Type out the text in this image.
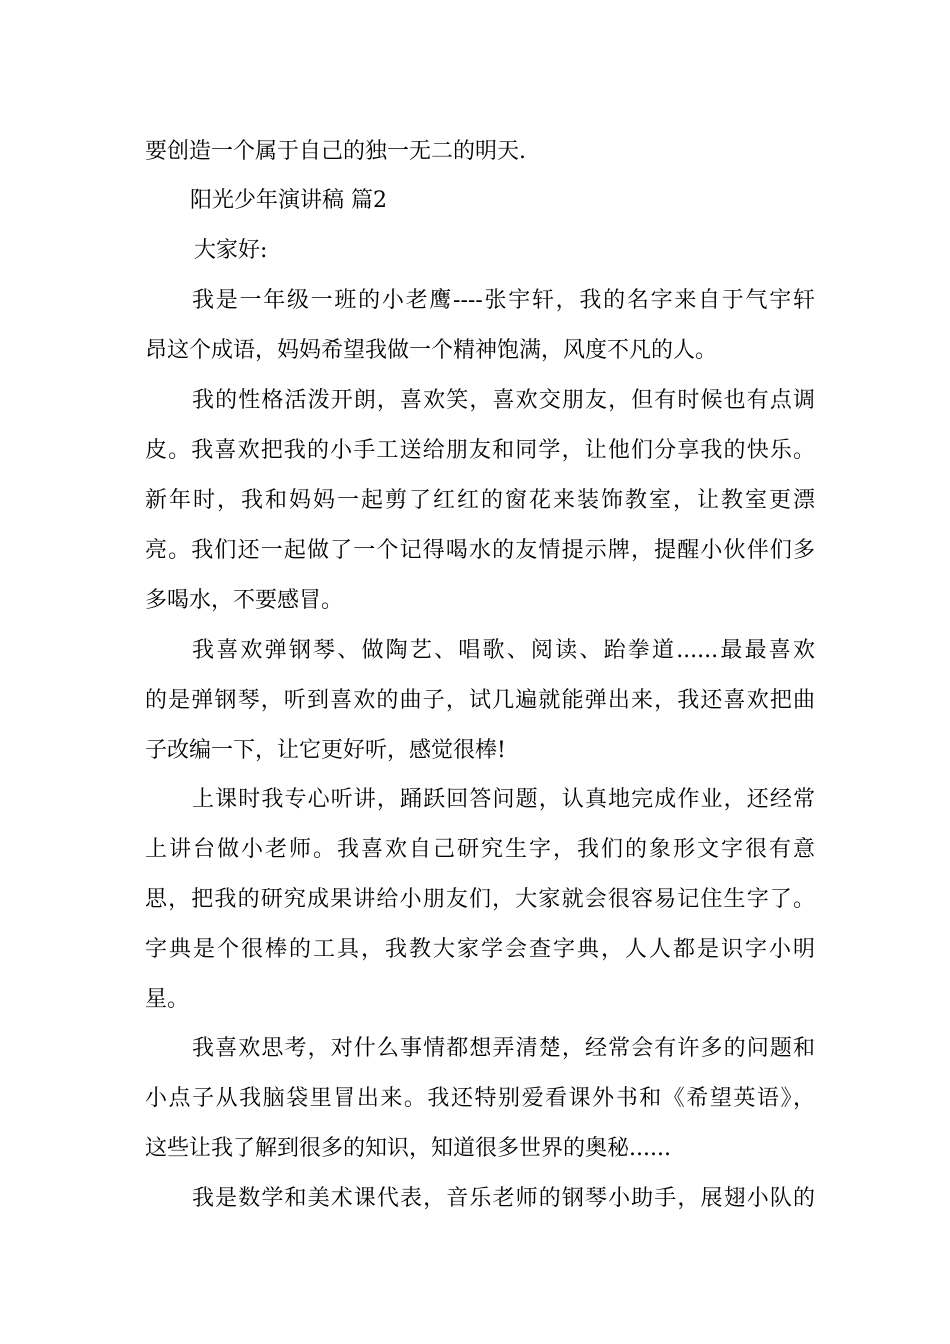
要创造一个属于自己的独一无二的明天.
阳光少年演讲稿 篇2
大家好:
我是一年级一班的小老鹰----张宇轩，我的名字来自于气宇轩
昂这个成语，妈妈希望我做一个精神饱满，风度不凡的人。
我的性格活泼开朗，喜欢笑，喜欢交朋友，但有时候也有点调
皮。我喜欢把我的小手工送给朋友和同学，让他们分享我的快乐。
新年时，我和妈妈一起剪了红红的窗花来装饰教室，让教室更漂
亮。我们还一起做了一个记得喝水的友情提示牌，提醒小伙伴们多
多喝水，不要感冒。
我喜欢弹钢琴、做陶艺、唱歌、阅读、跆拳道......最最喜欢
的是弹钢琴，听到喜欢的曲子，试几遍就能弹出来，我还喜欢把曲
子改编一下，让它更好听，感觉很棒!
上课时我专心听讲，踊跃回答问题，认真地完成作业，还经常
上讲台做小老师。我喜欢自己研究生字，我们的象形文字很有意
思，把我的研究成果讲给小朋友们，大家就会很容易记住生字了。
字典是个很棒的工具，我教大家学会查字典，人人都是识字小明
星。
我喜欢思考，对什么事情都想弄清楚，经常会有许多的问题和
小点子从我脑袋里冒出来。我还特别爱看课外书和《希望英语》，
这些让我了解到很多的知识，知道很多世界的奥秘......
我是数学和美术课代表，音乐老师的钢琴小助手，展翅小队的
